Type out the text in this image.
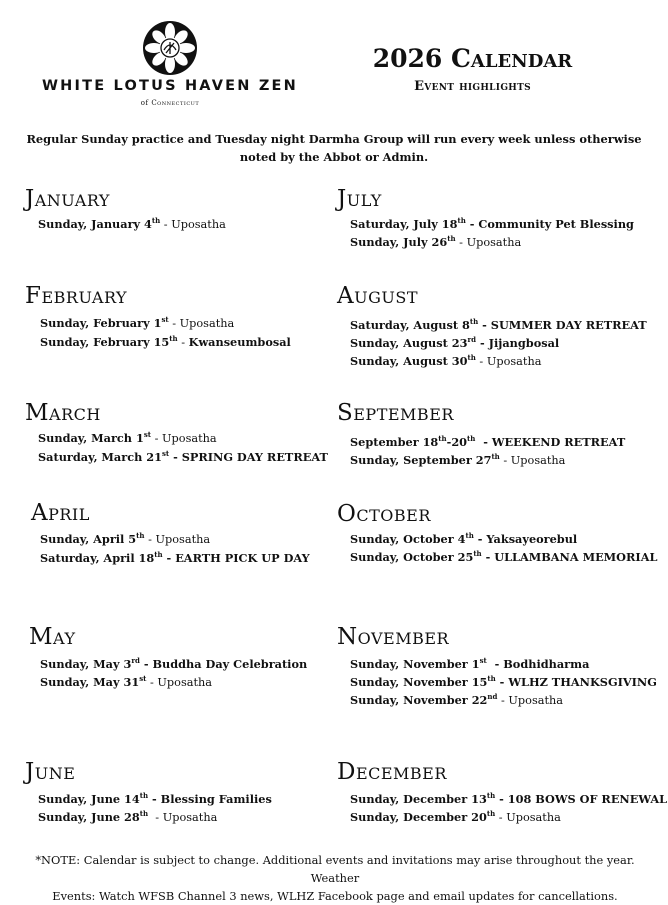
WHITE LOTUS HAVEN ZEN
of Connecticut
2026 Calendar
Event highlights
Regular Sunday practice and Tuesday night Darmha Group will run every week unless otherwise noted by the Abbot or Admin.
January
Sunday, January 4th - Uposatha
February
Sunday, February 1st - Uposatha
Sunday, February 15th - Kwanseumbosal
March
Sunday, March 1st - Uposatha
Saturday, March 21st - SPRING DAY RETREAT
April
Sunday, April 5th - Uposatha
Saturday, April 18th - EARTH PICK UP DAY
May
Sunday, May 3rd - Buddha Day Celebration
Sunday, May 31st - Uposatha
June
Sunday, June 14th - Blessing Families
Sunday, June 28th  - Uposatha
July
Saturday, July 18th - Community Pet Blessing
Sunday, July 26th - Uposatha
August
Saturday, August 8th - SUMMER DAY RETREAT
Sunday, August 23rd - Jijangbosal
Sunday, August 30th - Uposatha
September
September 18th-20th  - WEEKEND RETREAT
Sunday, September 27th - Uposatha
October
Sunday, October 4th - Yaksayeorebul
Sunday, October 25th - ULLAMBANA MEMORIAL
November
Sunday, November 1st  - Bodhidharma
Sunday, November 15th - WLHZ THANKSGIVING
Sunday, November 22nd - Uposatha
December
Sunday, December 13th - 108 BOWS OF RENEWAL
Sunday, December 20th - Uposatha
*NOTE: Calendar is subject to change. Additional events and invitations may arise throughout the year. Weather
Events: Watch WFSB Channel 3 news, WLHZ Facebook page and email updates for cancellations.
